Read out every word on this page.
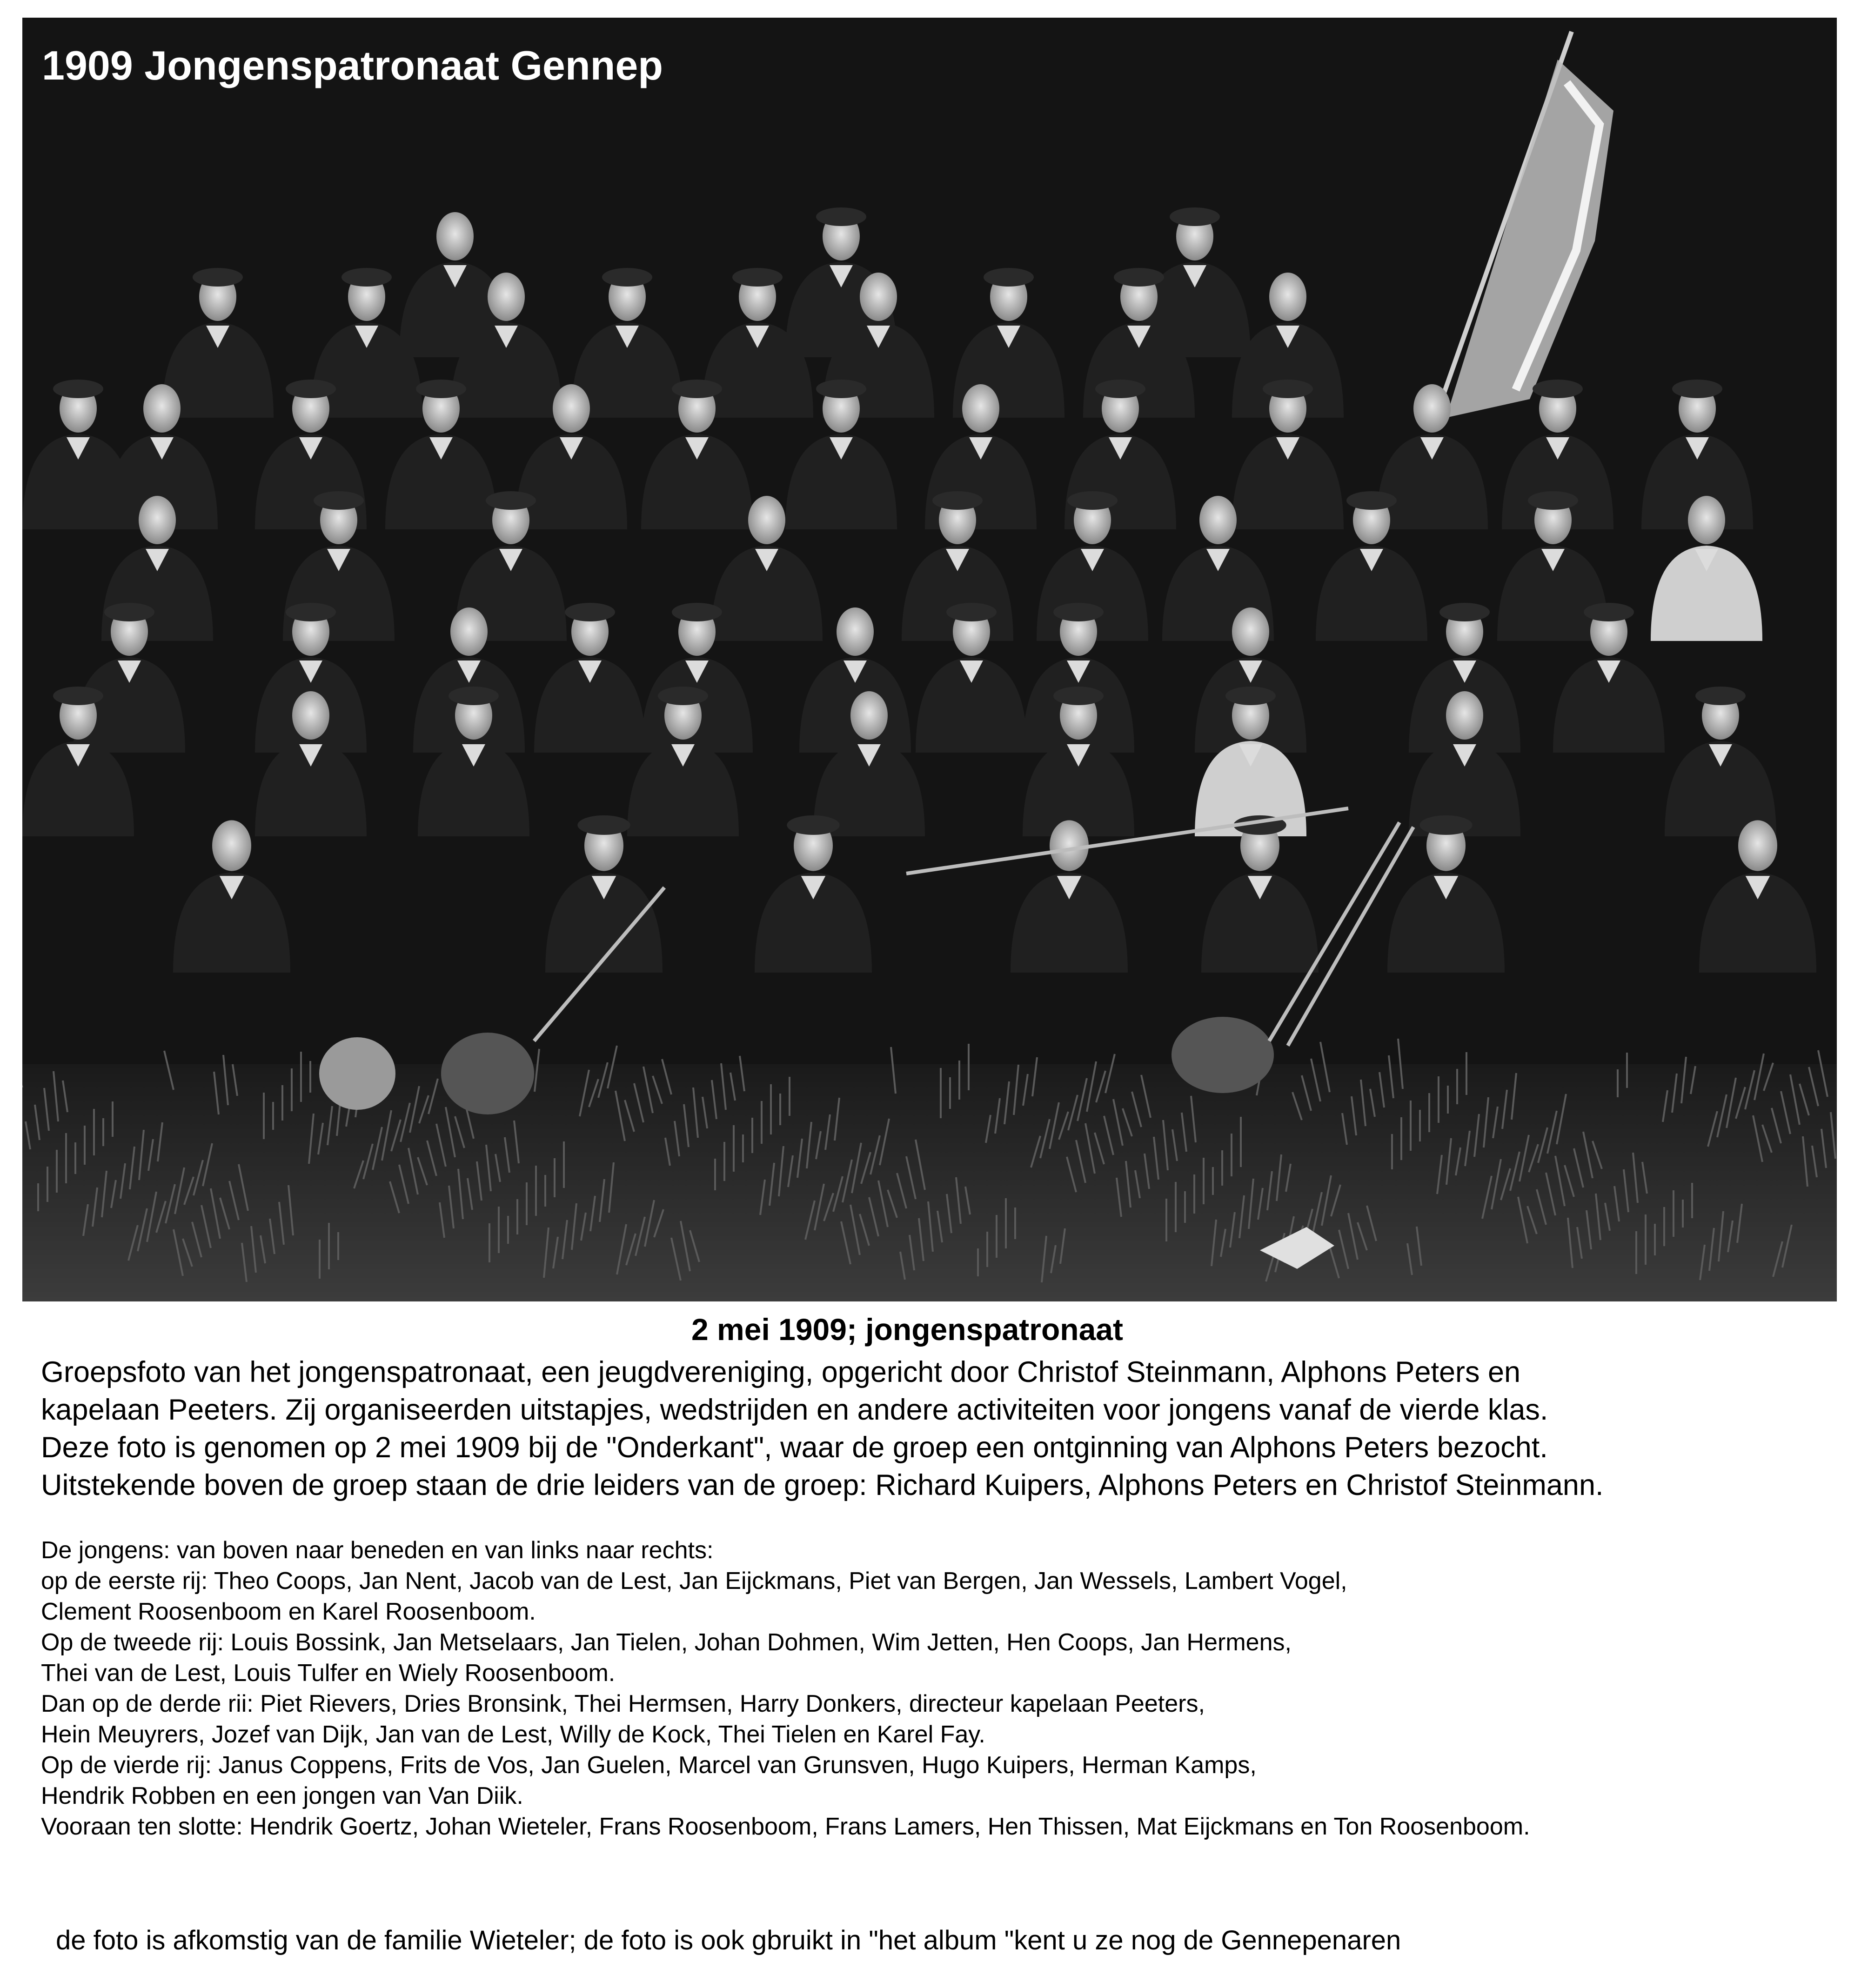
1909 Jongenspatronaat Gennep
2 mei 1909; jongenspatronaat
Groepsfoto van het jongenspatronaat, een jeugdvereniging, opgericht door Christof Steinmann, Alphons Peters en
kapelaan Peeters. Zij organiseerden uitstapjes, wedstrijden en andere activiteiten voor jongens vanaf de vierde klas.
Deze foto is genomen op 2 mei 1909 bij de "Onderkant", waar de groep een ontginning van Alphons Peters bezocht.
Uitstekende boven de groep staan de drie leiders van de groep: Richard Kuipers, Alphons Peters en Christof Steinmann.
De jongens: van boven naar beneden en van links naar rechts:
op de eerste rij: Theo Coops, Jan Nent, Jacob van de Lest, Jan Eijckmans, Piet van Bergen, Jan Wessels, Lambert Vogel,
Clement Roosenboom en Karel Roosenboom.
Op de tweede rij: Louis Bossink, Jan Metselaars, Jan Tielen, Johan Dohmen, Wim Jetten, Hen Coops, Jan Hermens,
Thei van de Lest, Louis Tulfer en Wiely Roosenboom.
Dan op de derde rii: Piet Rievers, Dries Bronsink, Thei Hermsen, Harry Donkers, directeur kapelaan Peeters,
Hein Meuyrers, Jozef van Dijk, Jan van de Lest, Willy de Kock, Thei Tielen en Karel Fay.
Op de vierde rij: Janus Coppens, Frits de Vos, Jan Guelen, Marcel van Grunsven, Hugo Kuipers, Herman Kamps,
Hendrik Robben en een jongen van Van Diik.
Vooraan ten slotte: Hendrik Goertz, Johan Wieteler, Frans Roosenboom, Frans Lamers, Hen Thissen, Mat Eijckmans en Ton Roosenboom.
de foto is afkomstig van de familie Wieteler; de foto is ook gbruikt in "het album "kent u ze nog de Gennepenaren
